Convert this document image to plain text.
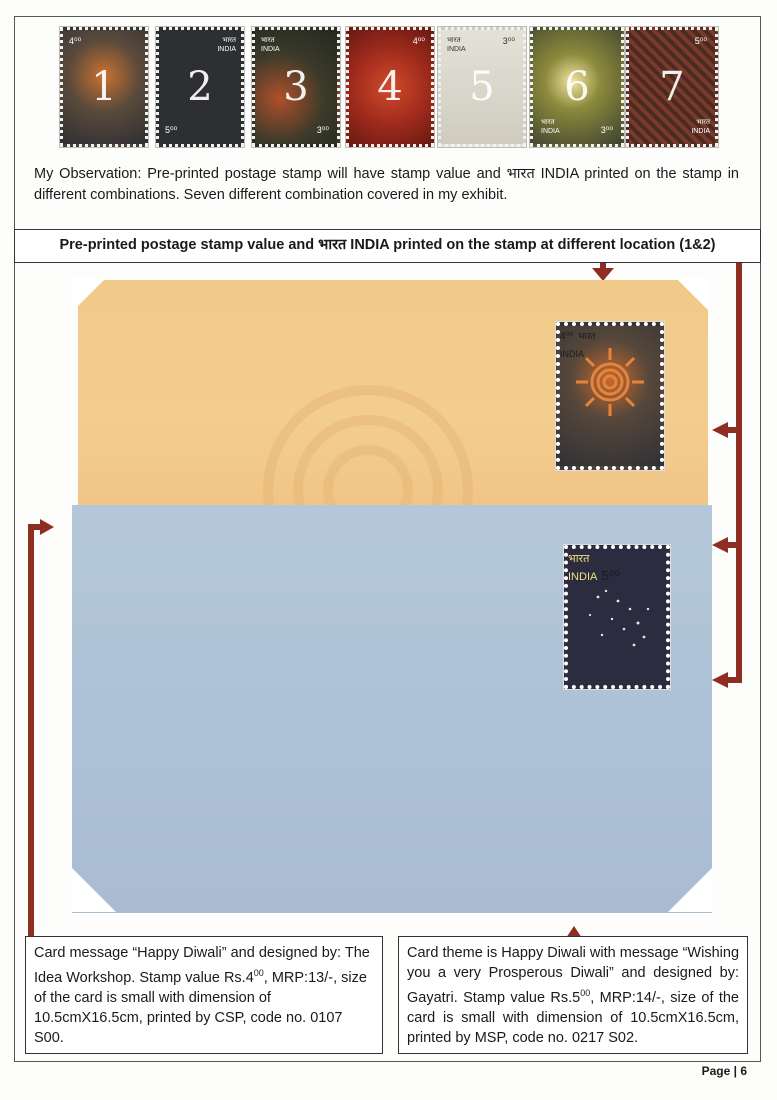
4⁰⁰
1
भारत
INDIA
5⁰⁰
2
भारत
INDIA
3⁰⁰
3
4⁰⁰
4
भारत
INDIA
3⁰⁰
5
भारत
INDIA	3⁰⁰
6
भारत
INDIA
5⁰⁰
7
My Observation: Pre-printed postage stamp will have stamp value and भारत INDIA printed on the stamp in different combinations. Seven different combination covered in my exhibit.
Pre-printed postage stamp value and भारत INDIA printed on the stamp at different location (1&2)
4⁰⁰ भारत
INDIA
भारत
INDIA 5⁰⁰
Card message “Happy Diwali” and designed by: The Idea Workshop. Stamp value $Rs.4^{00}$, MRP:13/-, size of the card is small with dimension of 10.5cmX16.5cm, printed by CSP, code no. 0107 S00.
Card theme is Happy Diwali with message “Wishing you a very Prosperous Diwali” and designed by: Gayatri. Stamp value $Rs.5^{00}$, MRP:14/-, size of the card is small with dimension of 10.5cmX16.5cm, printed by MSP, code no. 0217 S02.
Page | 6
